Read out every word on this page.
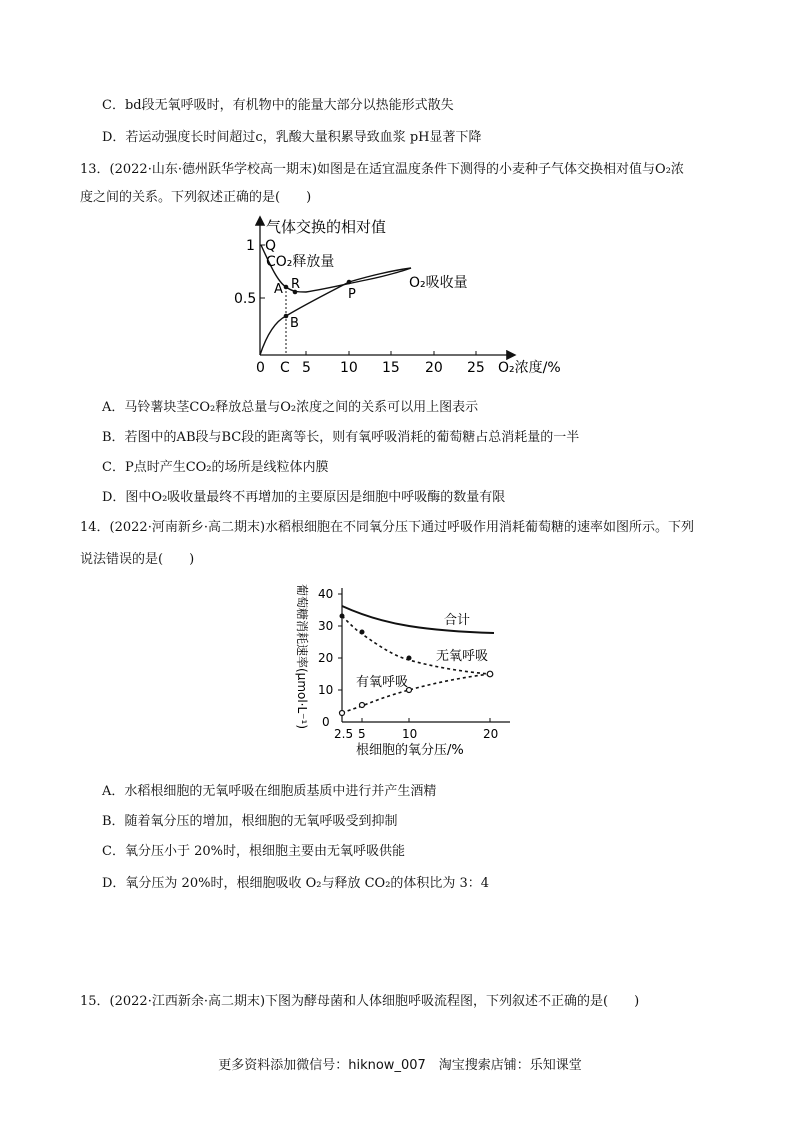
C．bd段无氧呼吸时，有机物中的能量大部分以热能形式散失
D．若运动强度长时间超过c，乳酸大量积累导致血浆 pH显著下降
13．(2022·山东·德州跃华学校高一期末)如图是在适宜温度条件下测得的小麦种子气体交换相对值与O₂浓
度之间的关系。下列叙述正确的是(　　)
气体交换的相对值
1
0.5
Q
CO₂释放量
R
A
B
P
O₂吸收量
0 C 5 10 15 20 25 O₂浓度/%
A．马铃薯块茎CO₂释放总量与O₂浓度之间的关系可以用上图表示
B．若图中的AB段与BC段的距离等长，则有氧呼吸消耗的葡萄糖占总消耗量的一半
C．P点时产生CO₂的场所是线粒体内膜
D．图中O₂吸收量最终不再增加的主要原因是细胞中呼吸酶的数量有限
14．(2022·河南新乡·高二期末)水稻根细胞在不同氧分压下通过呼吸作用消耗葡萄糖的速率如图所示。下列
说法错误的是(　　)
葡萄糖消耗速率(μmol·L⁻¹) 40
30
20
10
0
2.5 5	10	20
根细胞的氧分压/%
合计
无氧呼吸
有氧呼吸
A．水稻根细胞的无氧呼吸在细胞质基质中进行并产生酒精
B．随着氧分压的增加，根细胞的无氧呼吸受到抑制
C．氧分压小于 20%时，根细胞主要由无氧呼吸供能
D．氧分压为 20%时，根细胞吸收 O₂与释放 CO₂的体积比为 3：4
15．(2022·江西新余·高二期末)下图为酵母菌和人体细胞呼吸流程图，下列叙述不正确的是(　　)
更多资料添加微信号：hiknow_007　淘宝搜索店铺：乐知课堂
